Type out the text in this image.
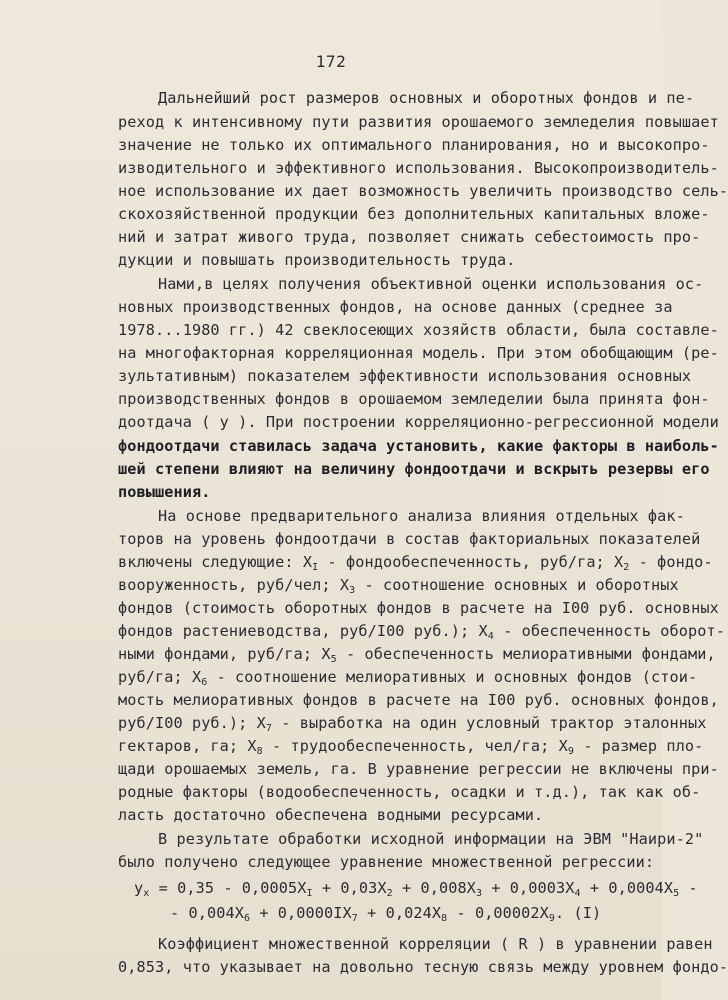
172
Дальнейший рост размеров основных и оборотных фондов и пе-
реход к интенсивному пути развития орошаемого земледелия повышает
значение не только их оптимального планирования, но и высокопро-
изводительного и эффективного использования. Высокопроизводитель-
ное использование их дает возможность увеличить производство сель-
скохозяйственной продукции без дополнительных капитальных вложе-
ний и затрат живого труда, позволяет снижать себестоимость про-
дукции и повышать производительность труда.
Нами,в целях получения объективной оценки использования ос-
новных производственных фондов, на основе данных (среднее за
1978...1980 гг.) 42 свеклосеющих хозяйств области, была составле-
на многофакторная корреляционная модель. При этом обобщающим (ре-
зультативным) показателем эффективности использования основных
производственных фондов в орошаемом земледелии была принята фон-
доотдача ( у ). При построении корреляционно-регрессионной модели
фондоотдачи ставилась задача установить, какие факторы в наиболь-
шей степени влияют на величину фондоотдачи и вскрыть резервы его
повышения.
На основе предварительного анализа влияния отдельных фак-
торов на уровень фондоотдачи в состав факториальных показателей
включены следующие: $X_I$ - фондообеспеченность, руб/га; $X_2$ - фондо-
вооруженность, руб/чел; $X_3$ - соотношение основных и оборотных
фондов (стоимость оборотных фондов в расчете на I00 руб. основных
фондов растениеводства, руб/I00 руб.); $X_4$ - обеспеченность оборот-
ными фондами, руб/га; $X_5$ - обеспеченность мелиоративными фондами,
руб/га; $X_6$ - соотношение мелиоративных и основных фондов (стои-
мость мелиоративных фондов в расчете на I00 руб. основных фондов,
руб/I00 руб.); $X_7$ - выработка на один условный трактор эталонных
гектаров, га; $X_8$ - трудообеспеченность, чел/га; $X_9$ - размер пло-
щади орошаемых земель, га. В уравнение регрессии не включены при-
родные факторы (водообеспеченность, осадки и т.д.), так как об-
ласть достаточно обеспечена водными ресурсами.
В результате обработки исходной информации на ЭВМ "Наири-2"
было получено следующее уравнение множественной регрессии:
$у_x = 0,35 - 0,0005X_I + 0,03X_2 + 0,008X_3 + 0,0003X_4 + 0,0004X_5$ -
- $0,004X_6 + 0,0000IX_7 + 0,024X_8 - 0,00002X_9$. (I)
Коэффициент множественной корреляции ( R ) в уравнении равен
0,853, что указывает на довольно тесную связь между уровнем фондо-
